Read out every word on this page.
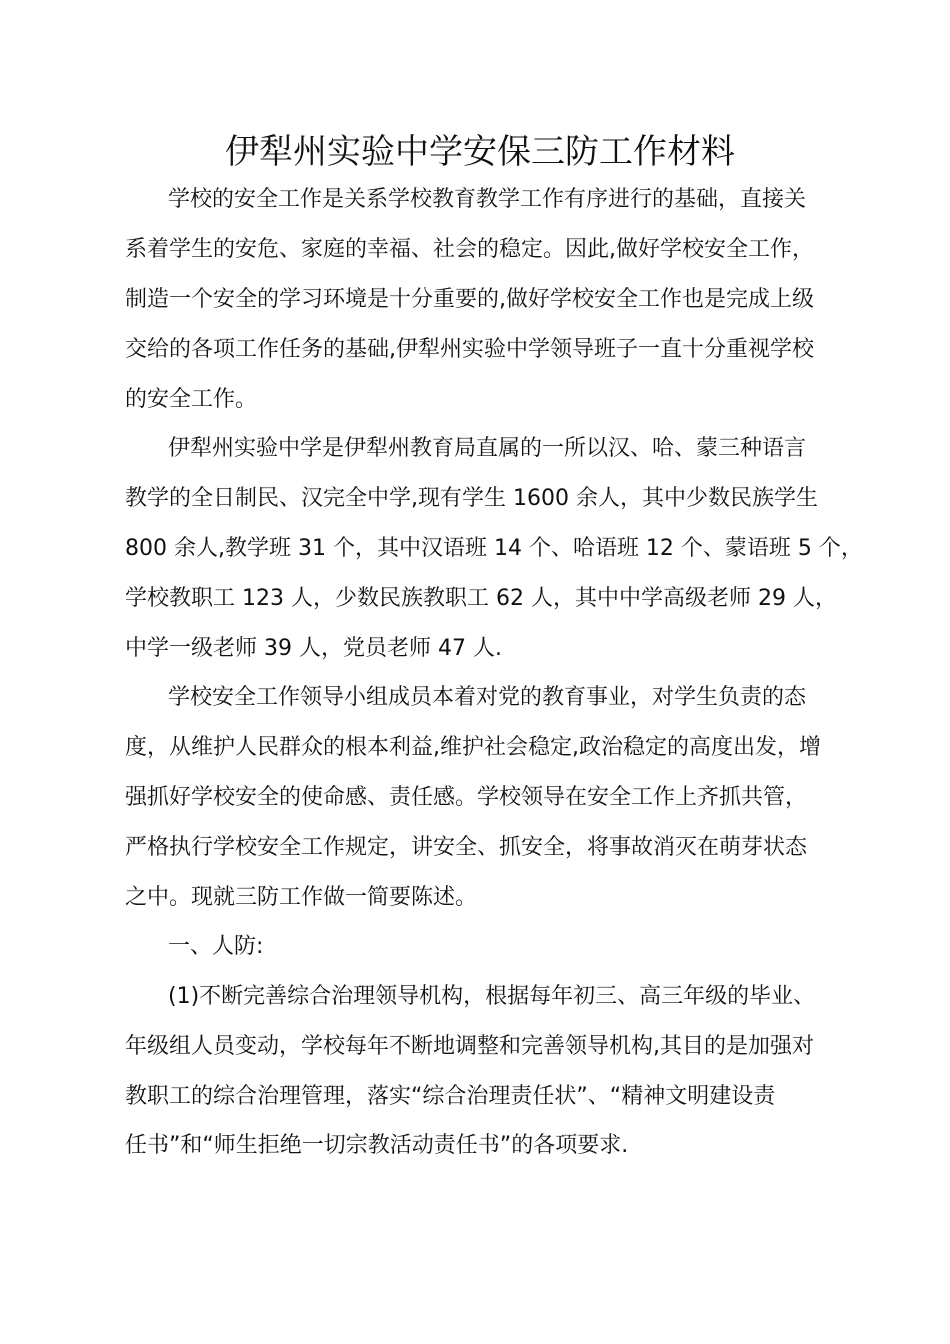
伊犁州实验中学安保三防工作材料
学校的安全工作是关系学校教育教学工作有序进行的基础，直接关
系着学生的安危、家庭的幸福、社会的稳定。因此,做好学校安全工作，
制造一个安全的学习环境是十分重要的,做好学校安全工作也是完成上级
交给的各项工作任务的基础,伊犁州实验中学领导班子一直十分重视学校
的安全工作。
伊犁州实验中学是伊犁州教育局直属的一所以汉、哈、蒙三种语言
教学的全日制民、汉完全中学,现有学生 1600 余人，其中少数民族学生
800 余人,教学班 31 个，其中汉语班 14 个、哈语班 12 个、蒙语班 5 个，
学校教职工 123 人，少数民族教职工 62 人，其中中学高级老师 29 人，
中学一级老师 39 人，党员老师 47 人.
学校安全工作领导小组成员本着对党的教育事业，对学生负责的态
度，从维护人民群众的根本利益,维护社会稳定,政治稳定的高度出发，增
强抓好学校安全的使命感、责任感。学校领导在安全工作上齐抓共管，
严格执行学校安全工作规定，讲安全、抓安全，将事故消灭在萌芽状态
之中。现就三防工作做一简要陈述。
一、人防:
(1)不断完善综合治理领导机构，根据每年初三、高三年级的毕业、
年级组人员变动，学校每年不断地调整和完善领导机构,其目的是加强对
教职工的综合治理管理，落实“综合治理责任状”、“精神文明建设责
任书”和“师生拒绝一切宗教活动责任书”的各项要求.
